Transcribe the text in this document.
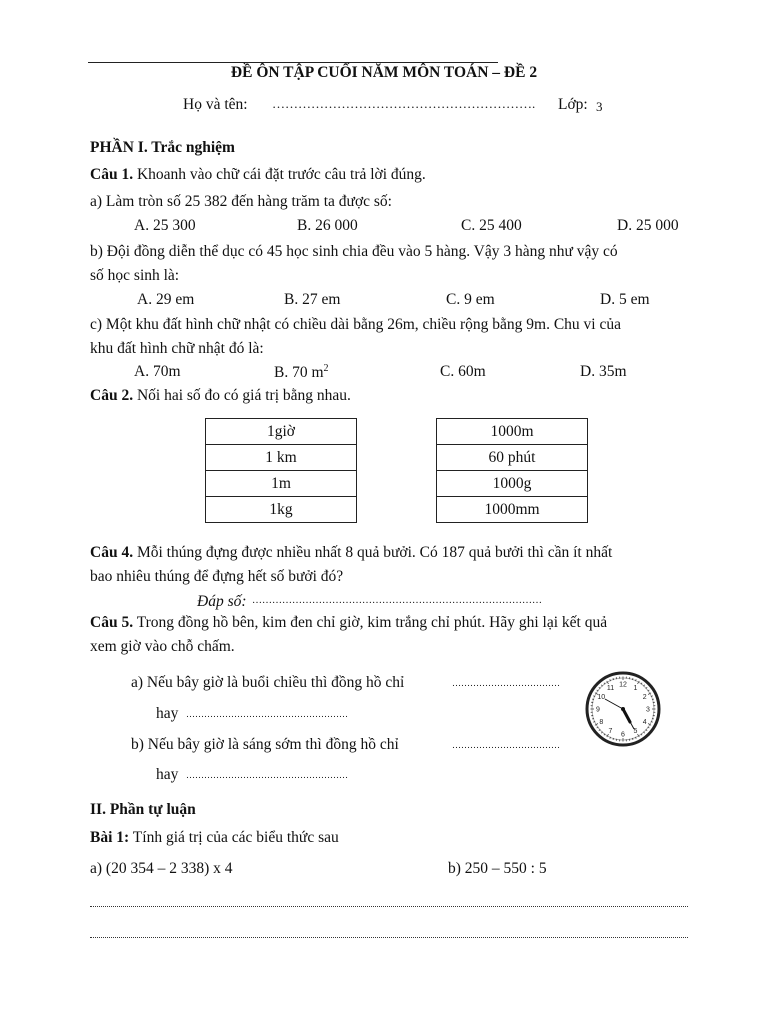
ĐỀ ÔN TẬP CUỐI NĂM MÔN TOÁN – ĐỀ 2
Họ và tên: ……………………………………………………. Lớp: 3
PHẦN I. Trắc nghiệm
Câu 1. Khoanh vào chữ cái đặt trước câu trả lời đúng.
a) Làm tròn số 25 382 đến hàng trăm ta được số:
A. 25 300	B. 26 000	C. 25 400	D. 25 000
b) Đội đồng diễn thể dục có 45 học sinh chia đều vào 5 hàng. Vậy 3 hàng như vậy có
số học sinh là:
A. 29 em	B. 27 em	C. 9 em	D. 5 em
c) Một khu đất hình chữ nhật có chiều dài bằng 26m, chiều rộng bằng 9m. Chu vi của
khu đất hình chữ nhật đó là:
A. 70m	B. 70 $m^2$	C. 60m	D. 35m
Câu 2. Nối hai số đo có giá trị bằng nhau.
1giờ
1 km
1m
1kg
1000m
60 phút
1000g
1000mm
Câu 4. Mỗi thúng đựng được nhiều nhất 8 quả bưởi. Có 187 quả bưởi thì cần ít nhất
bao nhiêu thúng để đựng hết số bưởi đó?
Đáp số: ……………………………………………………………………………
Câu 5. Trong đồng hồ bên, kim đen chỉ giờ, kim trắng chỉ phút. Hãy ghi lại kết quả
xem giờ vào chỗ chấm.
a) Nếu bây giờ là buổi chiều thì đồng hồ chỉ	………………………………
hay ………………………………………………
b) Nếu bây giờ là sáng sớm thì đồng hồ chỉ	………………………………
hay ………………………………………………
12 1
2
3
4
5
6
7
8
9
10
11
II. Phần tự luận
Bài 1: Tính giá trị của các biểu thức sau
a) (20 354 – 2 338) x 4	b) 250 – 550 : 5
